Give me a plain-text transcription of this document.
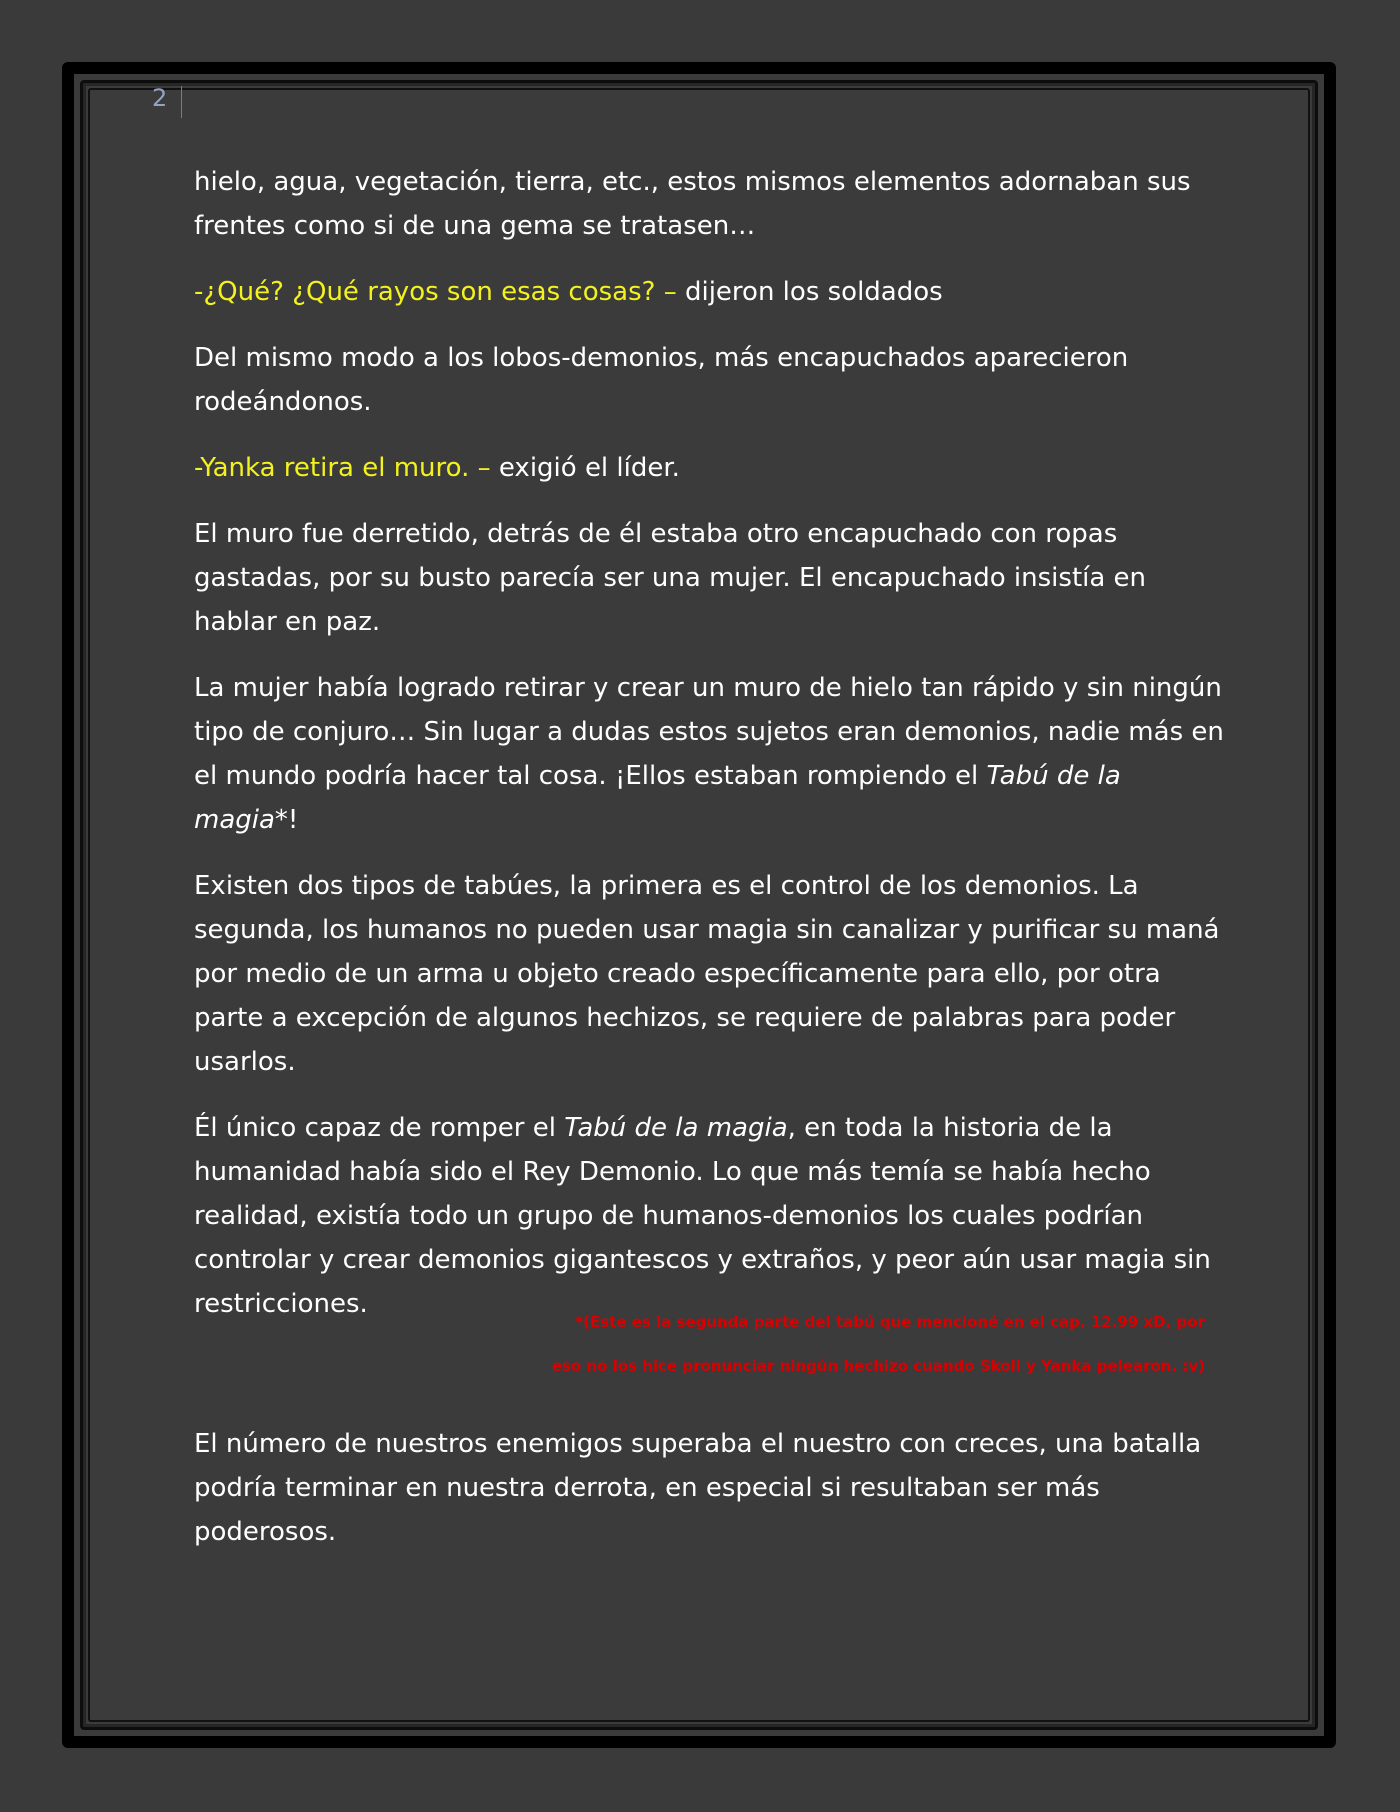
2

hielo, agua, vegetación, tierra, etc., estos mismos elementos adornaban sus frentes como si de una gema se tratasen…

-¿Qué? ¿Qué rayos son esas cosas? – dijeron los soldados

Del mismo modo a los lobos-demonios, más encapuchados aparecieron rodeándonos.

-Yanka retira el muro. – exigió el líder.

El muro fue derretido, detrás de él estaba otro encapuchado con ropas gastadas, por su busto parecía ser una mujer. El encapuchado insistía en hablar en paz.

La mujer había logrado retirar y crear un muro de hielo tan rápido y sin ningún tipo de conjuro… Sin lugar a dudas estos sujetos eran demonios, nadie más en el mundo podría hacer tal cosa. ¡Ellos estaban rompiendo el Tabú de la magia*!

Existen dos tipos de tabúes, la primera es el control de los demonios. La segunda, los humanos no pueden usar magia sin canalizar y purificar su maná por medio de un arma u objeto creado específicamente para ello, por otra parte a excepción de algunos hechizos, se requiere de palabras para poder usarlos.

Él único capaz de romper el Tabú de la magia, en toda la historia de la humanidad había sido el Rey Demonio. Lo que más temía se había hecho realidad, existía todo un grupo de humanos-demonios los cuales podrían controlar y crear demonios gigantescos y extraños, y peor aún usar magia sin restricciones.

*(Este es la segunda parte del tabú que mencioné en el cap. 12.99 xD, por
eso no los hice pronunciar ningún hechizo cuando Skoll y Yanka pelearon. :v)

El número de nuestros enemigos superaba el nuestro con creces, una batalla podría terminar en nuestra derrota, en especial si resultaban ser más poderosos.
